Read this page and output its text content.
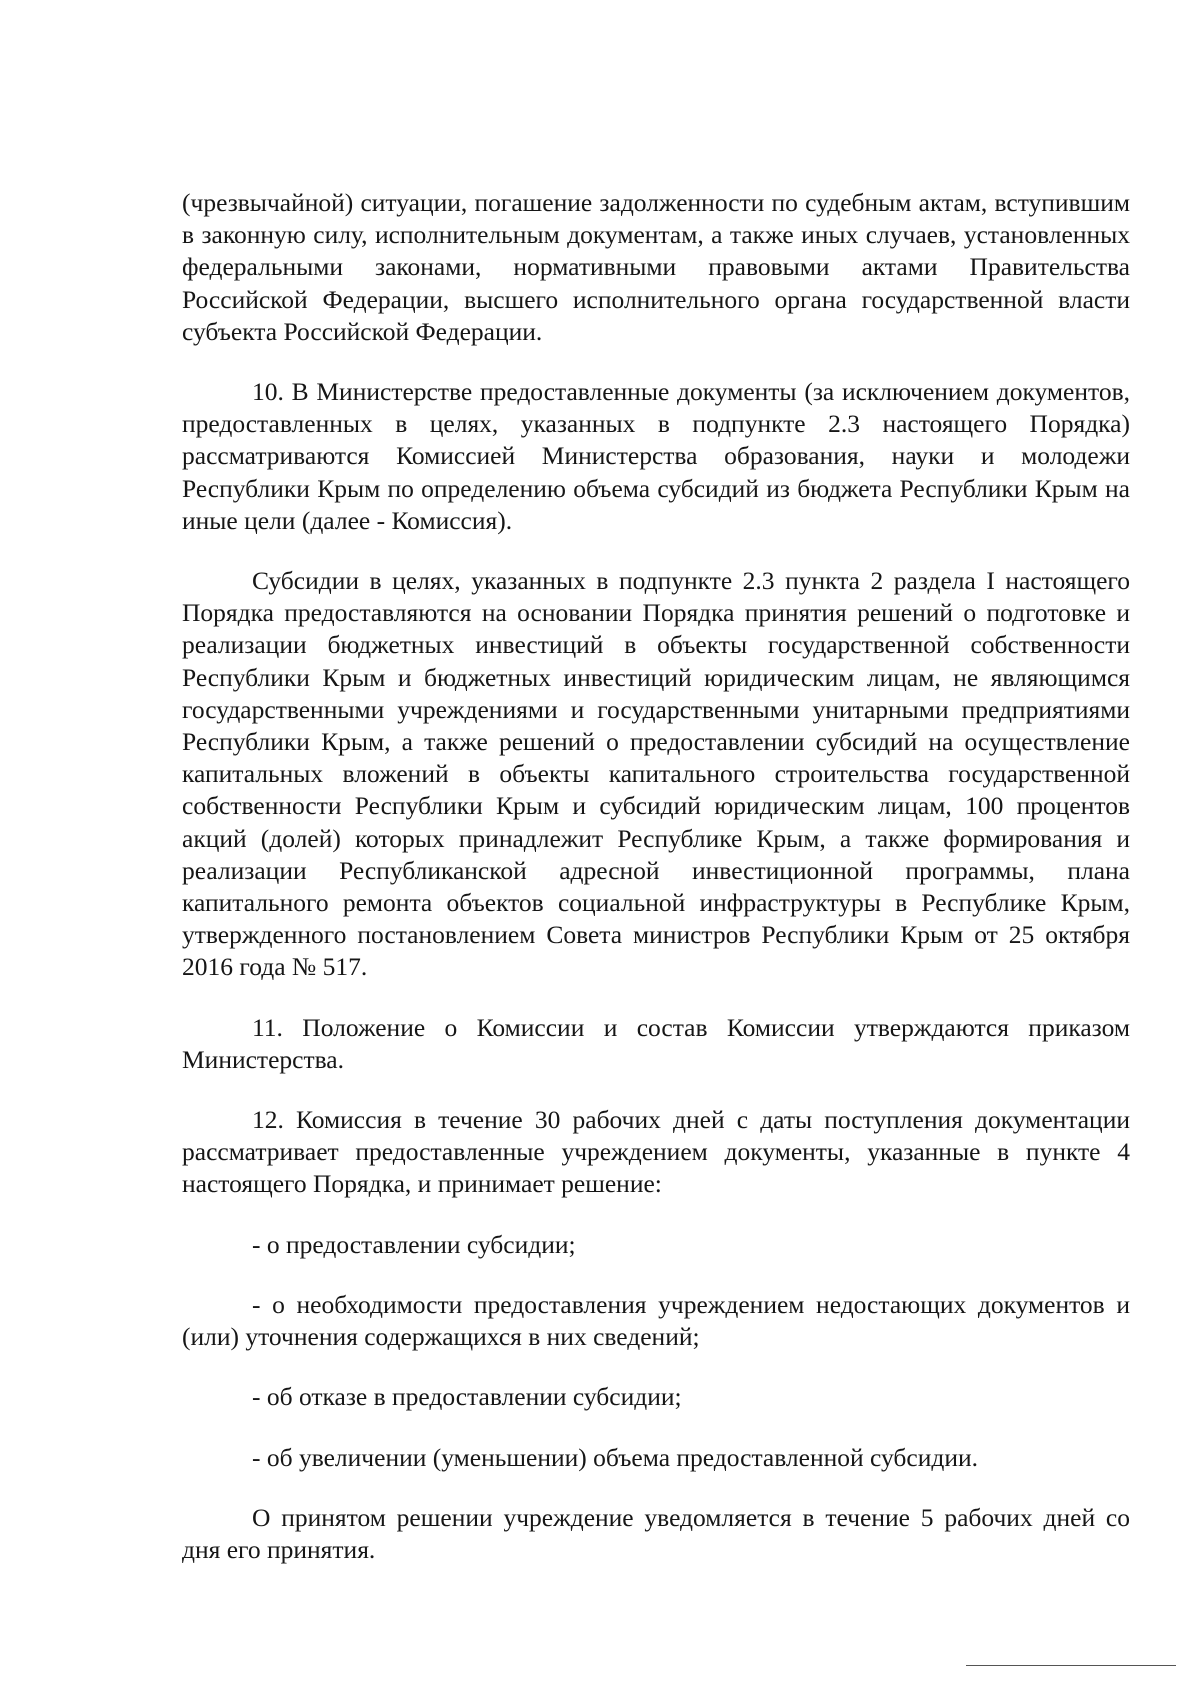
(чрезвычайной) ситуации, погашение задолженности по судебным актам, вступившим в законную силу, исполнительным документам, а также иных случаев, установленных федеральными законами, нормативными правовыми актами Правительства Российской Федерации, высшего исполнительного органа государственной власти субъекта Российской Федерации.

10. В Министерстве предоставленные документы (за исключением документов, предоставленных в целях, указанных в подпункте 2.3 настоящего Порядка) рассматриваются Комиссией Министерства образования, науки и молодежи Республики Крым по определению объема субсидий из бюджета Республики Крым на иные цели (далее - Комиссия).

Субсидии в целях, указанных в подпункте 2.3 пункта 2 раздела I настоящего Порядка предоставляются на основании Порядка принятия решений о подготовке и реализации бюджетных инвестиций в объекты государственной собственности Республики Крым и бюджетных инвестиций юридическим лицам, не являющимся государственными учреждениями и государственными унитарными предприятиями Республики Крым, а также решений о предоставлении субсидий на осуществление капитальных вложений в объекты капитального строительства государственной собственности Республики Крым и субсидий юридическим лицам, 100 процентов акций (долей) которых принадлежит Республике Крым, а также формирования и реализации Республиканской адресной инвестиционной программы, плана капитального ремонта объектов социальной инфраструктуры в Республике Крым, утвержденного постановлением Совета министров Республики Крым от 25 октября 2016 года № 517.

11. Положение о Комиссии и состав Комиссии утверждаются приказом Министерства.

12. Комиссия в течение 30 рабочих дней с даты поступления документации рассматривает предоставленные учреждением документы, указанные в пункте 4 настоящего Порядка, и принимает решение:

- о предоставлении субсидии;

- о необходимости предоставления учреждением недостающих документов и (или) уточнения содержащихся в них сведений;

- об отказе в предоставлении субсидии;

- об увеличении (уменьшении) объема предоставленной субсидии.

О принятом решении учреждение уведомляется в течение 5 рабочих дней со дня его принятия.
